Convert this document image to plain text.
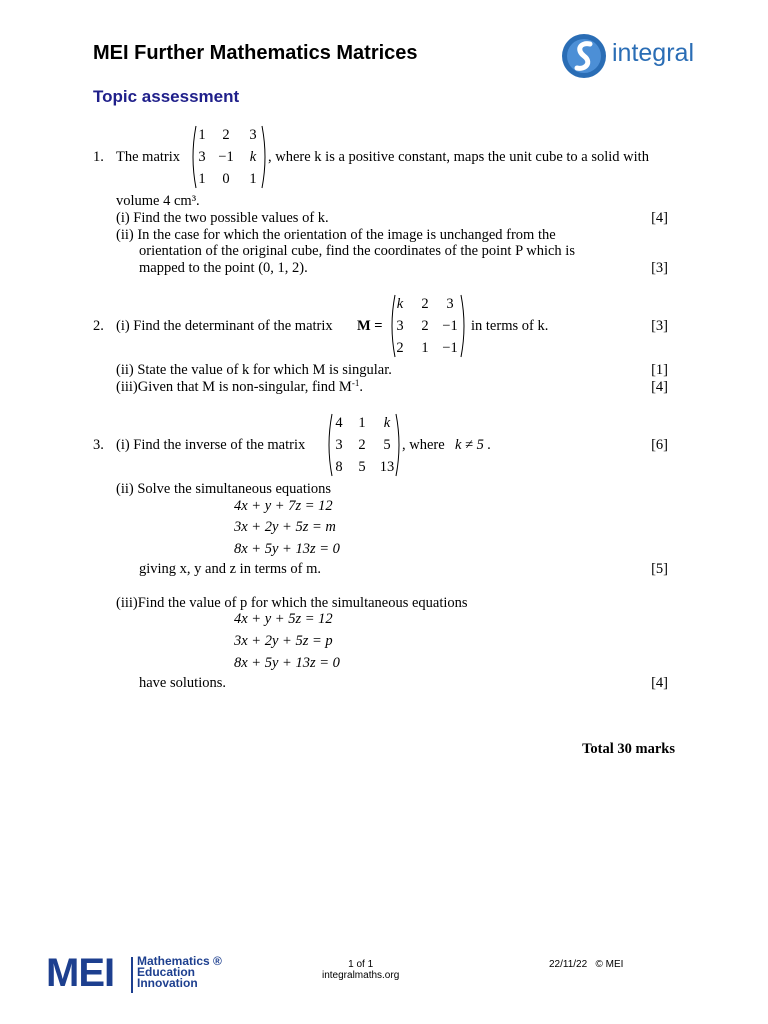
MEI Further Mathematics Matrices
Topic assessment
integral
1. The matrix
1	2	3
3 −1	k
1	0	1
, where k is a positive constant, maps the unit cube to a solid with
volume 4 cm³.
(i) Find the two possible values of k.	[4]
(ii) In the case for which the orientation of the image is unchanged from the
orientation of the original cube, find the coordinates of the point P which is
mapped to the point (0, 1, 2).	[3]
2. (i) Find the determinant of the matrix M =
k	2	3
3	2 −1
2	1 −1
in terms of k.	[3]
(ii) State the value of k for which M is singular.	[1]
(iii)Given that M is non-singular, find $M^{-1}$.	[4]
3. (i) Find the inverse of the matrix
4	1	k
3	2	5
8	5 13
, where k ≠ 5 .	[6]
(ii) Solve the simultaneous equations
4x + y + 7z = 12
3x + 2y + 5z = m
8x + 5y + 13z = 0
giving x, y and z in terms of m.	[5]
(iii)Find the value of p for which the simultaneous equations
4x + y + 5z = 12
3x + 2y + 5z = p
8x + 5y + 13z = 0
have solutions.	[4]
Total 30 marks
MEI Mathematics ®
Education
Innovation
1 of 1
integralmaths.org
22/11/22 © MEI
